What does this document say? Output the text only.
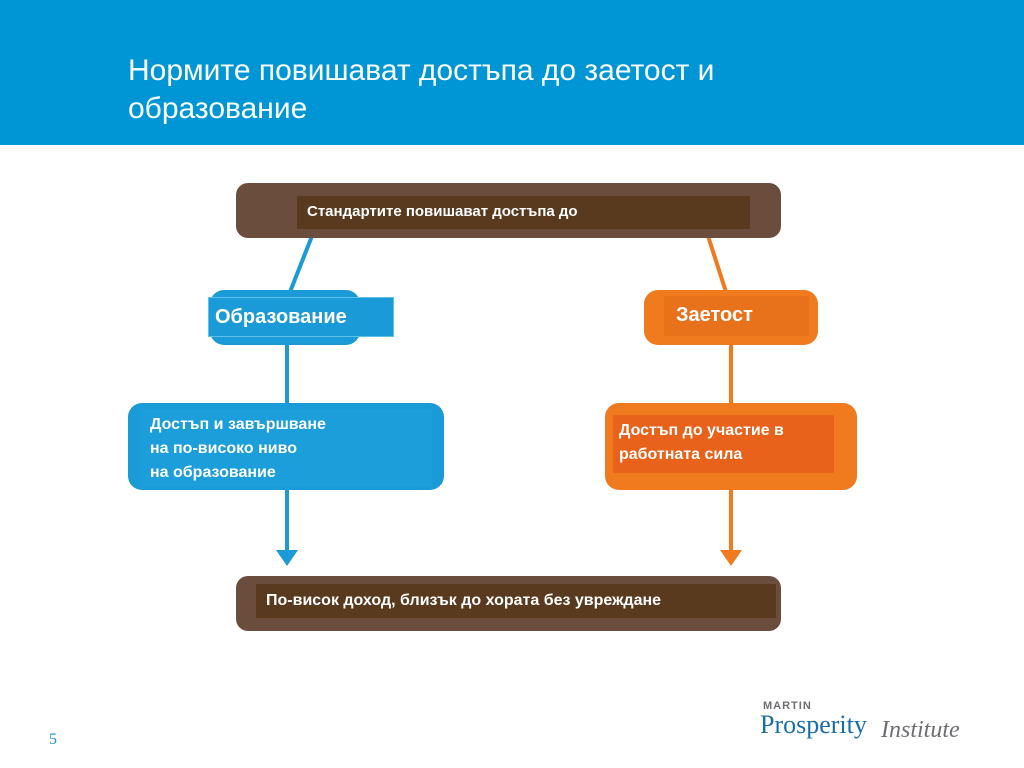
Нормите повишават достъпа до заетост и
образование
Стандартите повишават достъпа до
Образование	Заетост
Достъп и завършване
на по-високо ниво
на образование
Достъп до участие в
работната сила
По-висок доход, близък до хората без увреждане
5
MARTIN
Prosperity Institute
